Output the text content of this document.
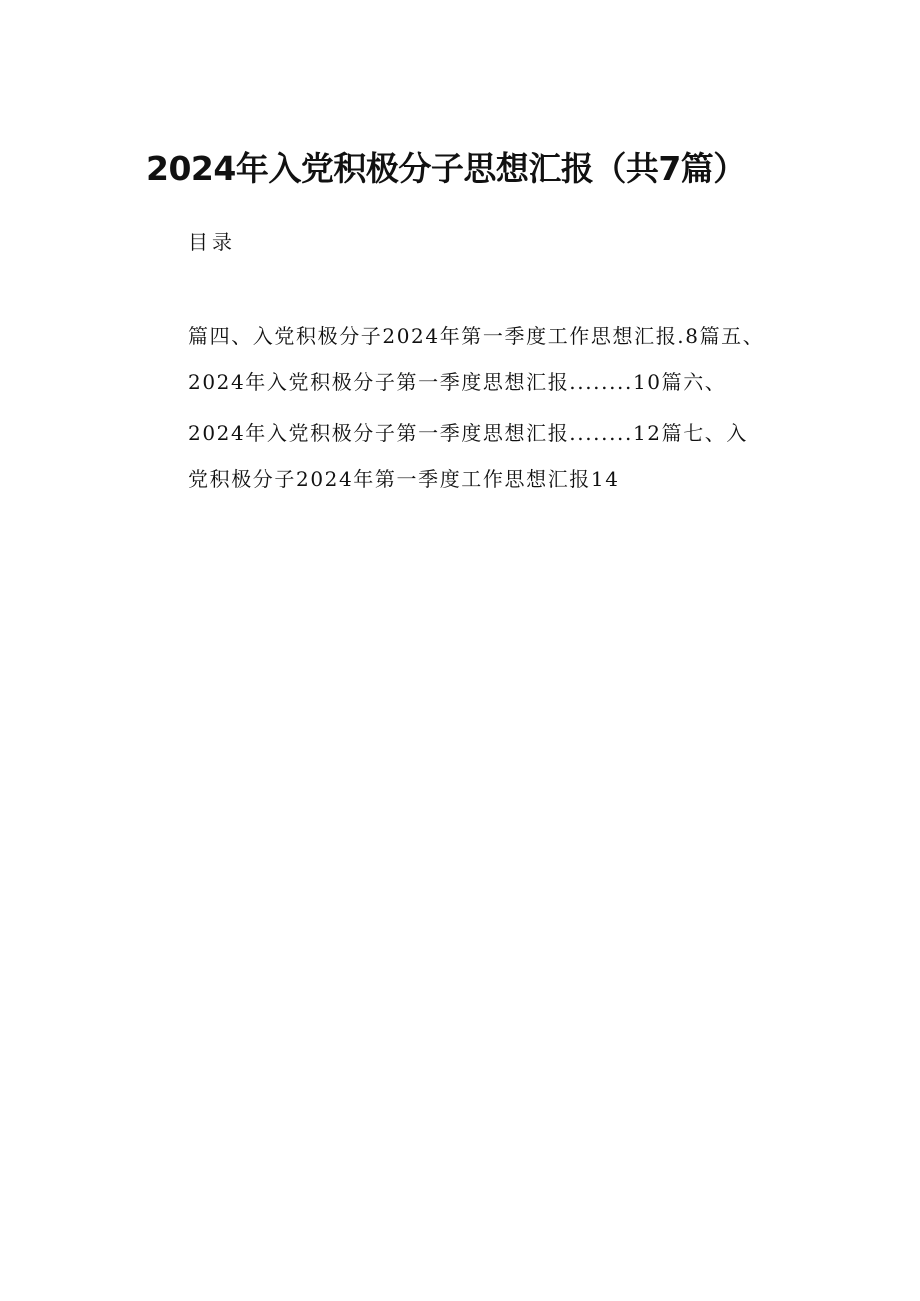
2024年入党积极分子思想汇报（共7篇）
目录
篇四、入党积极分子2024年第一季度工作思想汇报.8篇五、
2024年入党积极分子第一季度思想汇报........10篇六、
2024年入党积极分子第一季度思想汇报........12篇七、入
党积极分子2024年第一季度工作思想汇报14
